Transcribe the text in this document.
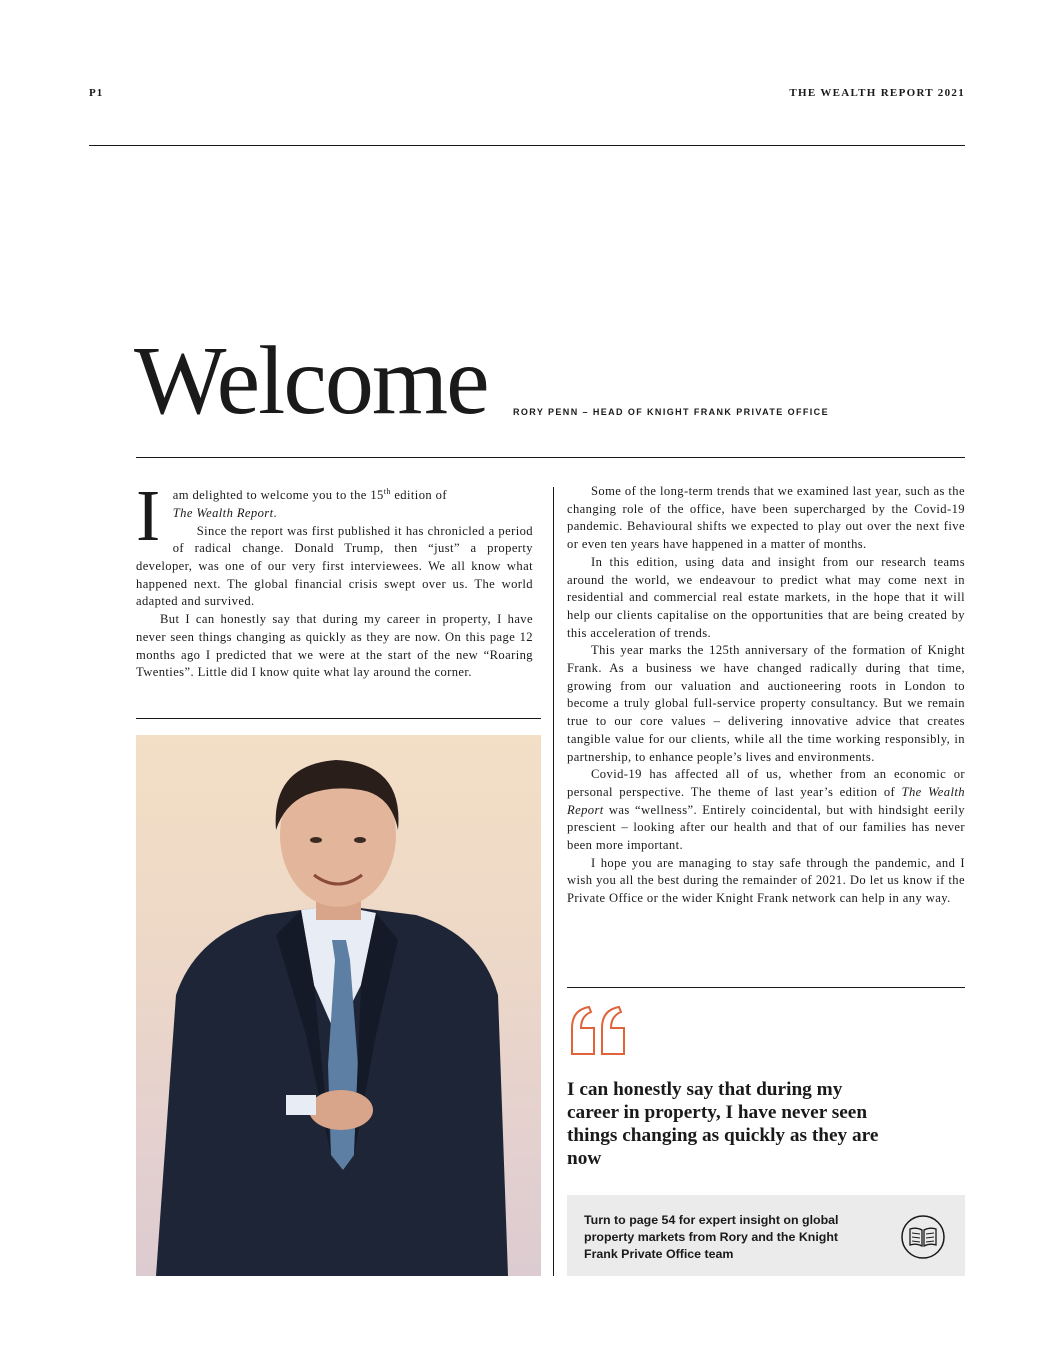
P1	THE WEALTH REPORT 2021
Welcome	RORY PENN – HEAD OF KNIGHT FRANK PRIVATE OFFICE

Iam delighted to welcome you to the 15th edition of
The Wealth Report.

Since the report was first published it has chronicled a period of radical change. Donald Trump, then “just” a property developer, was one of our very first interviewees. We all know what happened next. The global financial crisis swept over us. The world adapted and survived.

But I can honestly say that during my career in property, I have never seen things changing as quickly as they are now. On this page 12 months ago I predicted that we were at the start of the new “Roaring Twenties”. Little did I know quite what lay around the corner.

Some of the long-term trends that we examined last year, such as the changing role of the office, have been supercharged by the Covid-19 pandemic. Behavioural shifts we expected to play out over the next five or even ten years have happened in a matter of months.

In this edition, using data and insight from our research teams around the world, we endeavour to predict what may come next in residential and commercial real estate markets, in the hope that it will help our clients capitalise on the opportunities that are being created by this acceleration of trends.

This year marks the 125th anniversary of the formation of Knight Frank. As a business we have changed radically during that time, growing from our valuation and auctioneering roots in London to become a truly global full-service property consultancy. But we remain true to our core values – delivering innovative advice that creates tangible value for our clients, while all the time working responsibly, in partnership, to enhance people’s lives and environments.

Covid-19 has affected all of us, whether from an economic or personal perspective. The theme of last year’s edition of The Wealth Report was “wellness”. Entirely coincidental, but with hindsight eerily prescient – looking after our health and that of our families has never been more important.

I hope you are managing to stay safe through the pandemic, and I wish you all the best during the remainder of 2021. Do let us know if the Private Office or the wider Knight Frank network can help in any way.

I can honestly say that during my career in property, I have never seen things changing as quickly as they are now
Turn to page 54 for expert insight on global property markets from Rory and the Knight Frank Private Office team
